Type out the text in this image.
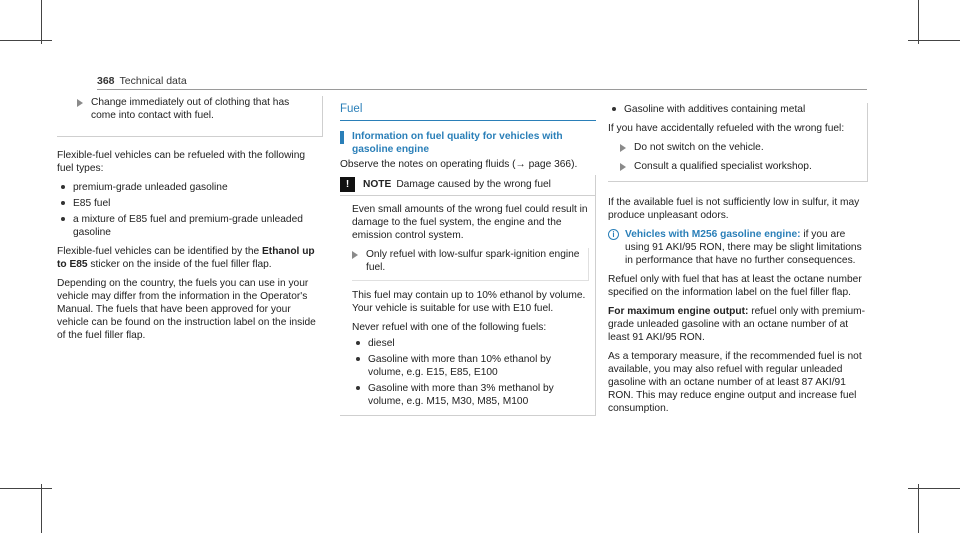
368 Technical data
Change immediately out of clothing that has come into contact with fuel.

Flexible-fuel vehicles can be refueled with the following fuel types:

premium-grade unleaded gasoline
E85 fuel
a mixture of E85 fuel and premium-grade unleaded gasoline

Flexible-fuel vehicles can be identified by the Ethanol up to E85 sticker on the inside of the fuel filler flap.

Depending on the country, the fuels you can use in your vehicle may differ from the information in the Operator's Manual. The fuels that have been approved for your vehicle can be found on the instruction label on the inside of the fuel filler flap.

Fuel
Information on fuel quality for vehicles with gasoline engine

Observe the notes on operating fluids (→ page 366).

!	NOTE Damage caused by the wrong fuel

Even small amounts of the wrong fuel could result in damage to the fuel system, the engine and the emission control system.

Only refuel with low-sulfur spark-ignition engine fuel.

This fuel may contain up to 10% ethanol by volume. Your vehicle is suitable for use with E10 fuel.

Never refuel with one of the following fuels:

diesel
Gasoline with more than 10% ethanol by volume, e.g. E15, E85, E100
Gasoline with more than 3% methanol by volume, e.g. M15, M30, M85, M100
Gasoline with additives containing metal

If you have accidentally refueled with the wrong fuel:

Do not switch on the vehicle.
Consult a qualified specialist workshop.

If the available fuel is not sufficiently low in sulfur, it may produce unpleasant odors.

i	Vehicles with M256 gasoline engine: if you are using 91 AKI/95 RON, there may be slight limitations in performance that have no further consequences.

Refuel only with fuel that has at least the octane number specified on the information label on the fuel filler flap.

For maximum engine output: refuel only with premium-grade unleaded gasoline with an octane number of at least 91 AKI/95 RON.

As a temporary measure, if the recommended fuel is not available, you may also refuel with regular unleaded gasoline with an octane number of at least 87 AKI/91 RON. This may reduce engine output and increase fuel consumption.
